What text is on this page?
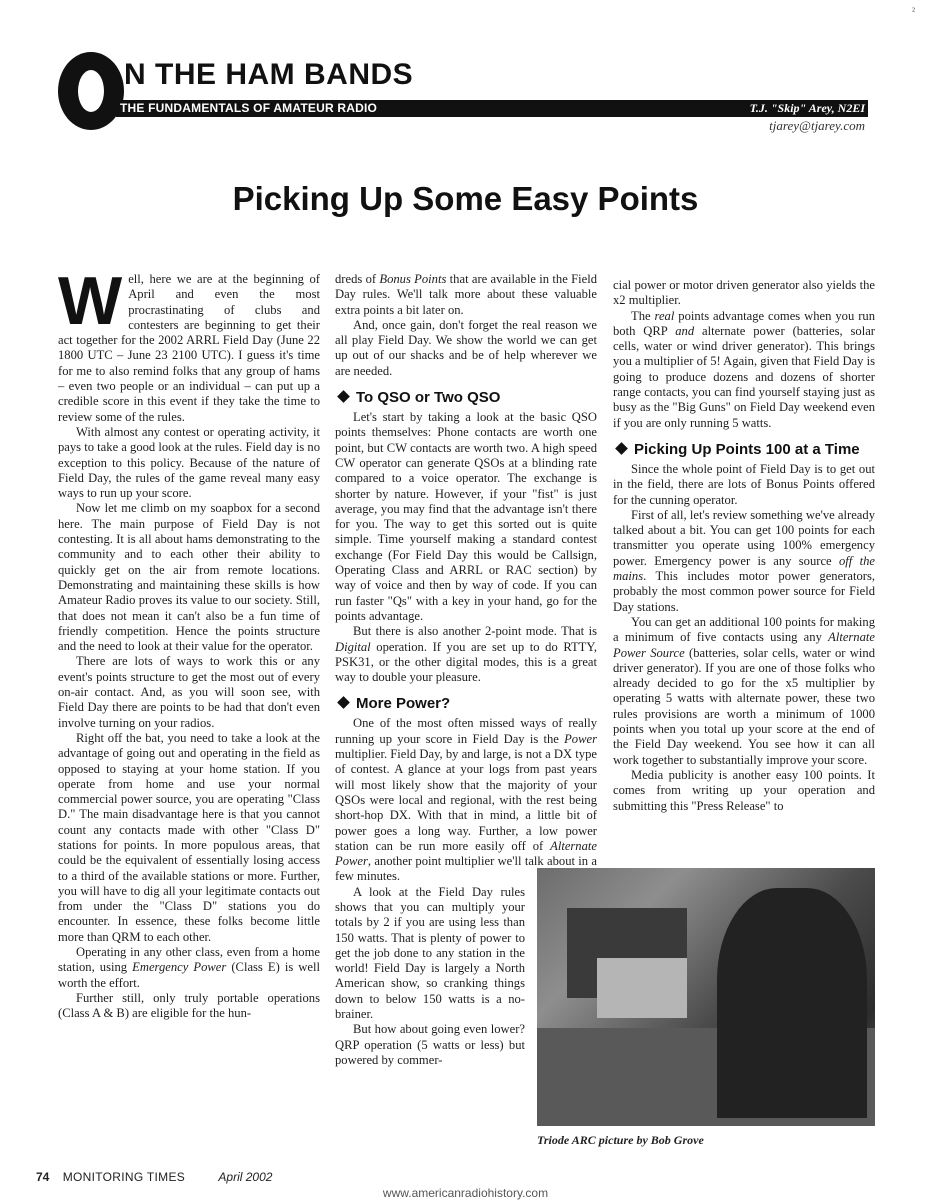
²
N THE HAM BANDS
THE FUNDAMENTALS OF AMATEUR RADIO	T.J. "Skip" Arey, N2EI
tjarey@tjarey.com
Picking Up Some Easy Points

Well, here we are at the beginning of April and even the most procrastinating of clubs and contesters are beginning to get their act together for the 2002 ARRL Field Day (June 22 1800 UTC – June 23 2100 UTC). I guess it's time for me to also remind folks that any group of hams – even two people or an individual – can put up a credible score in this event if they take the time to review some of the rules.

With almost any contest or operating activity, it pays to take a good look at the rules. Field day is no exception to this policy. Because of the nature of Field Day, the rules of the game reveal many easy ways to run up your score.

Now let me climb on my soapbox for a second here. The main purpose of Field Day is not contesting. It is all about hams demonstrating to the community and to each other their ability to quickly get on the air from remote locations. Demonstrating and maintaining these skills is how Amateur Radio proves its value to our society. Still, that does not mean it can't also be a fun time of friendly competition. Hence the points structure and the need to look at their value for the operator.

There are lots of ways to work this or any event's points structure to get the most out of every on-air contact. And, as you will soon see, with Field Day there are points to be had that don't even involve turning on your radios.

Right off the bat, you need to take a look at the advantage of going out and operating in the field as opposed to staying at your home station. If you operate from home and use your normal commercial power source, you are operating "Class D." The main disadvantage here is that you cannot count any contacts made with other "Class D" stations for points. In more populous areas, that could be the equivalent of essentially losing access to a third of the available stations or more. Further, you will have to dig all your legitimate contacts out from under the "Class D" stations you do encounter. In essence, these folks become little more than QRM to each other.

Operating in any other class, even from a home station, using Emergency Power (Class E) is well worth the effort.

Further still, only truly portable operations (Class A & B) are eligible for the hun-

dreds of Bonus Points that are available in the Field Day rules. We'll talk more about these valuable extra points a bit later on.

And, once gain, don't forget the real reason we all play Field Day. We show the world we can get up out of our shacks and be of help wherever we are needed.

To QSO or Two QSO

Let's start by taking a look at the basic QSO points themselves: Phone contacts are worth one point, but CW contacts are worth two. A high speed CW operator can generate QSOs at a blinding rate compared to a voice operator. The exchange is shorter by nature. However, if your "fist" is just average, you may find that the advantage isn't there for you. The way to get this sorted out is quite simple. Time yourself making a standard contest exchange (For Field Day this would be Callsign, Operating Class and ARRL or RAC section) by way of voice and then by way of code. If you can run faster "Qs" with a key in your hand, go for the points advantage.

But there is also another 2-point mode. That is Digital operation. If you are set up to do RTTY, PSK31, or the other digital modes, this is a great way to double your pleasure.

More Power?

One of the most often missed ways of really running up your score in Field Day is the Power multiplier. Field Day, by and large, is not a DX type of contest. A glance at your logs from past years will most likely show that the majority of your QSOs were local and regional, with the rest being short-hop DX. With that in mind, a little bit of power goes a long way. Further, a low power station can be run more easily off of Alternate Power, another point multiplier we'll talk about in a few minutes.

A look at the Field Day rules shows that you can multiply your totals by 2 if you are using less than 150 watts. That is plenty of power to get the job done to any station in the world! Field Day is largely a North American show, so cranking things down to below 150 watts is a no-brainer.

But how about going even lower? QRP operation (5 watts or less) but powered by commer-

cial power or motor driven generator also yields the x2 multiplier.

The real points advantage comes when you run both QRP and alternate power (batteries, solar cells, water or wind driver generator). This brings you a multiplier of 5! Again, given that Field Day is going to produce dozens and dozens of shorter range contacts, you can find yourself staying just as busy as the "Big Guns" on Field Day weekend even if you are only running 5 watts.

Picking Up Points 100 at a Time

Since the whole point of Field Day is to get out in the field, there are lots of Bonus Points offered for the cunning operator.

First of all, let's review something we've already talked about a bit. You can get 100 points for each transmitter you operate using 100% emergency power. Emergency power is any source off the mains. This includes motor power generators, probably the most common power source for Field Day stations.

You can get an additional 100 points for making a minimum of five contacts using any Alternate Power Source (batteries, solar cells, water or wind driver generator). If you are one of those folks who already decided to go for the x5 multiplier by operating 5 watts with alternate power, these two rules provisions are worth a minimum of 1000 points when you total up your score at the end of the Field Day weekend. You see how it can all work together to substantially improve your score.

Media publicity is another easy 100 points. It comes from writing up your operation and submitting this "Press Release" to

Triode ARC picture by Bob Grove
74 MONITORING TIMES	April 2002
www.americanradiohistory.com
